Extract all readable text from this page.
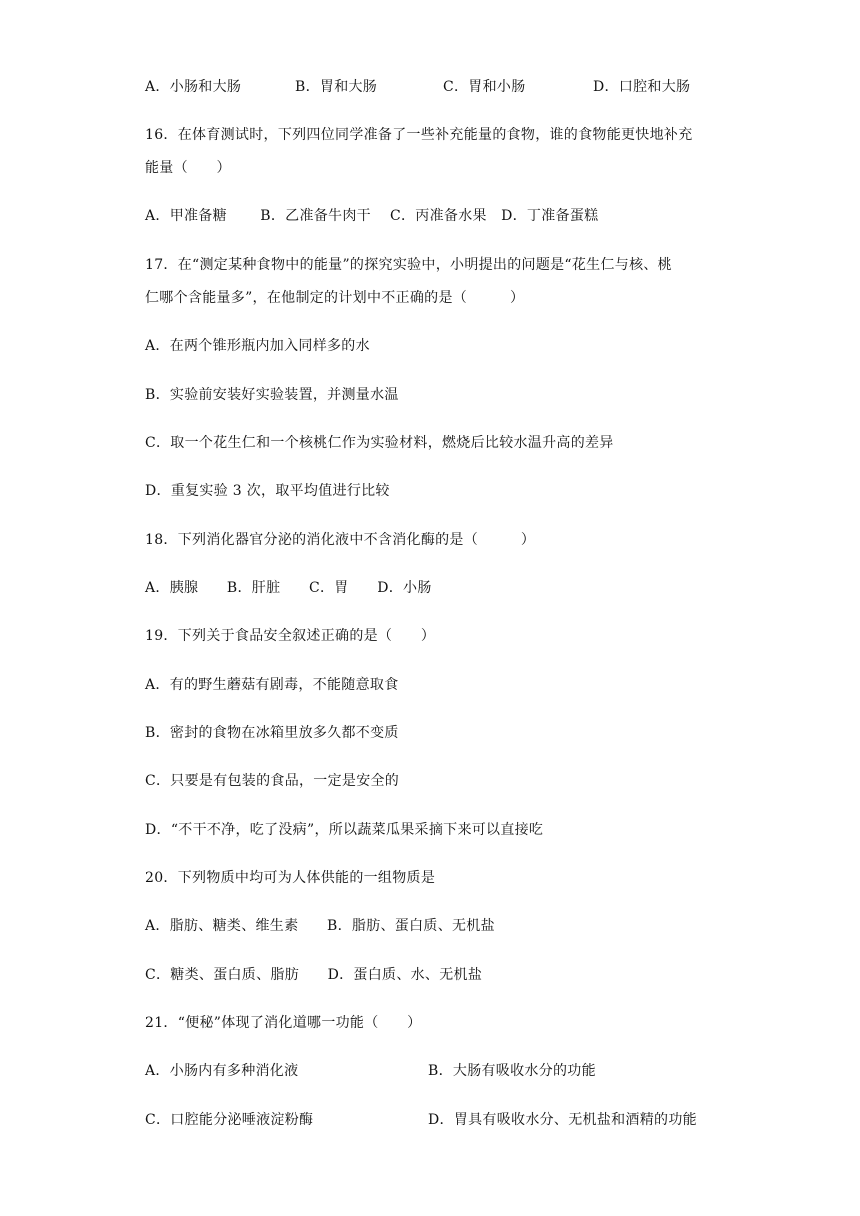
A．小肠和大肠	B．胃和大肠	C．胃和小肠	D．口腔和大肠
16．在体育测试时，下列四位同学准备了一些补充能量的食物，谁的食物能更快地补充
能量（　　）
A．甲准备糖　　 B．乙准备牛肉干　 C．丙准备水果　D．丁准备蛋糕
17．在“测定某种食物中的能量”的探究实验中，小明提出的问题是“花生仁与核、桃
仁哪个含能量多”，在他制定的计划中不正确的是（　　　）
A．在两个锥形瓶内加入同样多的水
B．实验前安装好实验装置，并测量水温
C．取一个花生仁和一个核桃仁作为实验材料，燃烧后比较水温升高的差异
D．重复实验 3 次，取平均值进行比较
18．下列消化器官分泌的消化液中不含消化酶的是（　　　）
A．胰腺　　B．肝脏　　C．胃　　D．小肠
19．下列关于食品安全叙述正确的是（　　）
A．有的野生蘑菇有剧毒，不能随意取食
B．密封的食物在冰箱里放多久都不变质
C．只要是有包装的食品，一定是安全的
D．“不干不净，吃了没病”，所以蔬菜瓜果采摘下来可以直接吃
20．下列物质中均可为人体供能的一组物质是
A．脂肪、糖类、维生素　　B．脂肪、蛋白质、无机盐
C．糖类、蛋白质、脂肪　　D．蛋白质、水、无机盐
21．“便秘”体现了消化道哪一功能（　　）
A．小肠内有多种消化液	B．大肠有吸收水分的功能
C．口腔能分泌唾液淀粉酶	D．胃具有吸收水分、无机盐和酒精的功能
